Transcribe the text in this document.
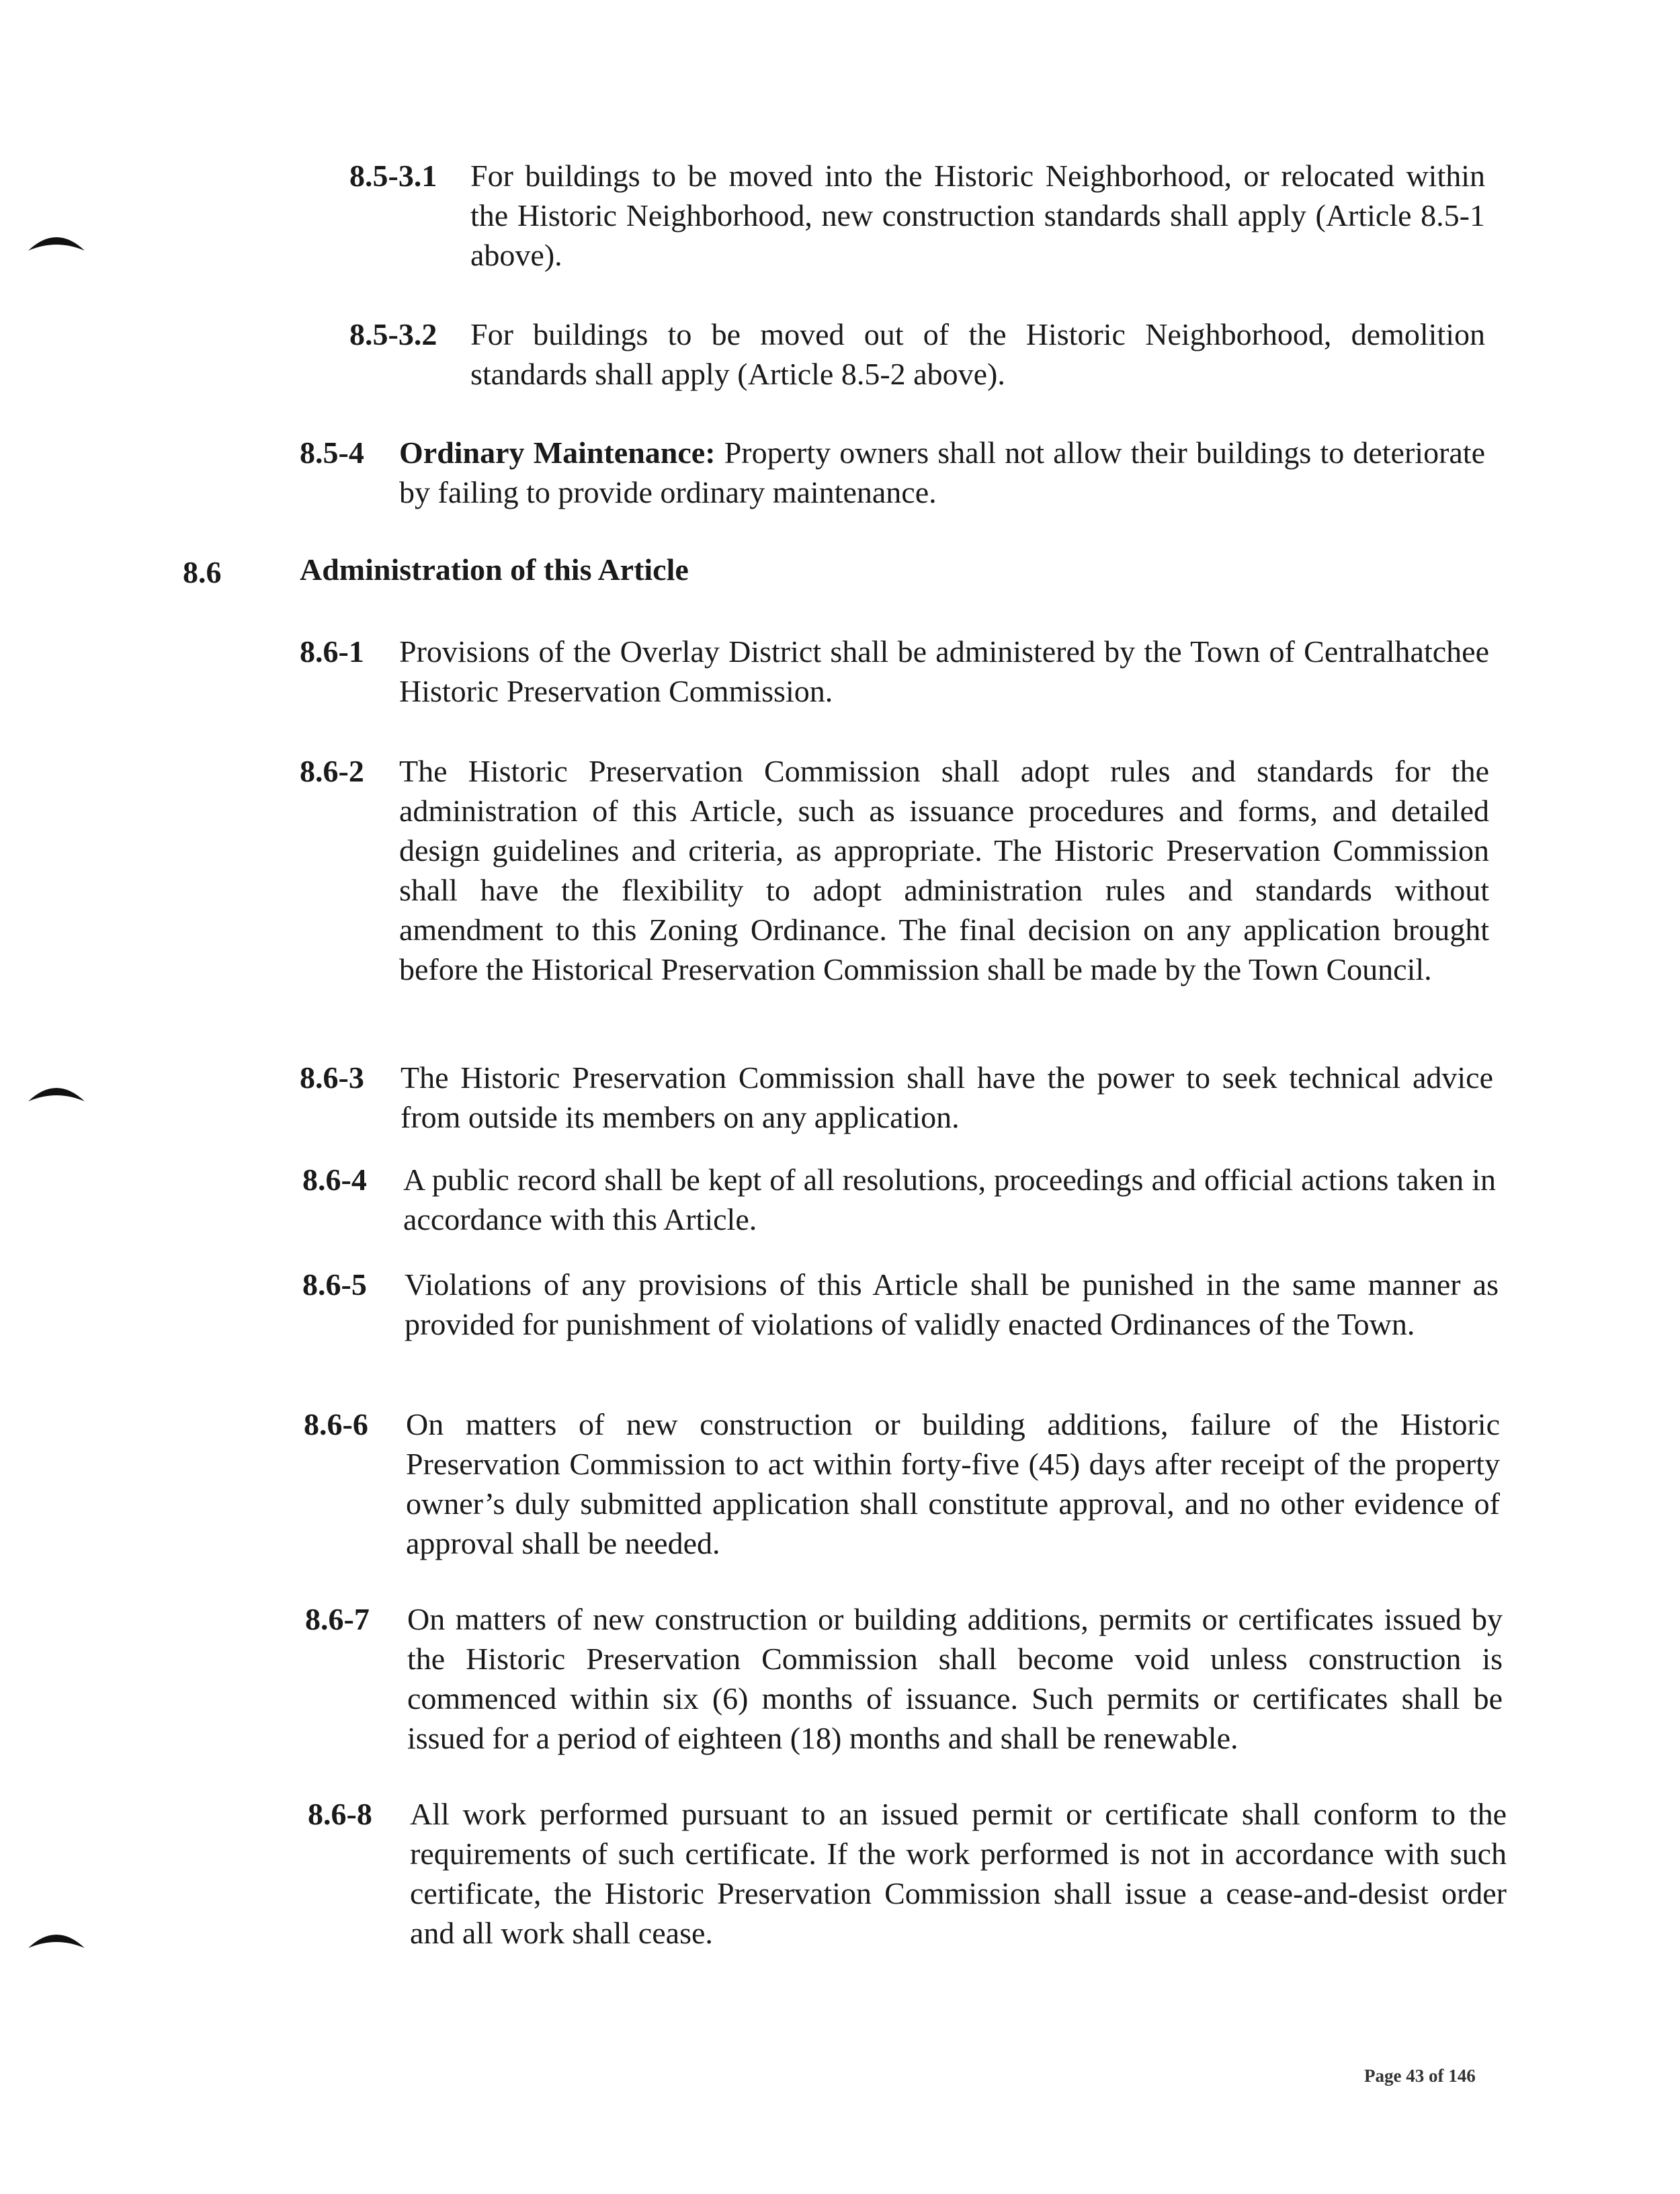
8.5-3.1	For buildings to be moved into the Historic Neighborhood, or relocated within the Historic Neighborhood, new construction standards shall apply (Article 8.5-1 above).
8.5-3.2	For buildings to be moved out of the Historic Neighborhood, demolition standards shall apply (Article 8.5-2 above).
8.5-4	Ordinary Maintenance: Property owners shall not allow their buildings to deteriorate by failing to provide ordinary maintenance.
8.6	Administration of this Article
8.6-1	Provisions of the Overlay District shall be administered by the Town of Centralhatchee Historic Preservation Commission.
8.6-2	The Historic Preservation Commission shall adopt rules and standards for the administration of this Article, such as issuance procedures and forms, and detailed design guidelines and criteria, as appropriate. The Historic Preservation Commission shall have the flexibility to adopt administration rules and standards without amendment to this Zoning Ordinance. The final decision on any application brought before the Historical Preservation Commission shall be made by the Town Council.
8.6-3	The Historic Preservation Commission shall have the power to seek technical advice from outside its members on any application.
8.6-4	A public record shall be kept of all resolutions, proceedings and official actions taken in accordance with this Article.
8.6-5	Violations of any provisions of this Article shall be punished in the same manner as provided for punishment of violations of validly enacted Ordinances of the Town.
8.6-6	On matters of new construction or building additions, failure of the Historic Preservation Commission to act within forty-five (45) days after receipt of the property owner’s duly submitted application shall constitute approval, and no other evidence of approval shall be needed.
8.6-7	On matters of new construction or building additions, permits or certificates issued by the Historic Preservation Commission shall become void unless construction is commenced within six (6) months of issuance. Such permits or certificates shall be issued for a period of eighteen (18) months and shall be renewable.
8.6-8	All work performed pursuant to an issued permit or certificate shall conform to the requirements of such certificate. If the work performed is not in accordance with such certificate, the Historic Preservation Commission shall issue a cease-and-desist order and all work shall cease.
Page 43 of 146
